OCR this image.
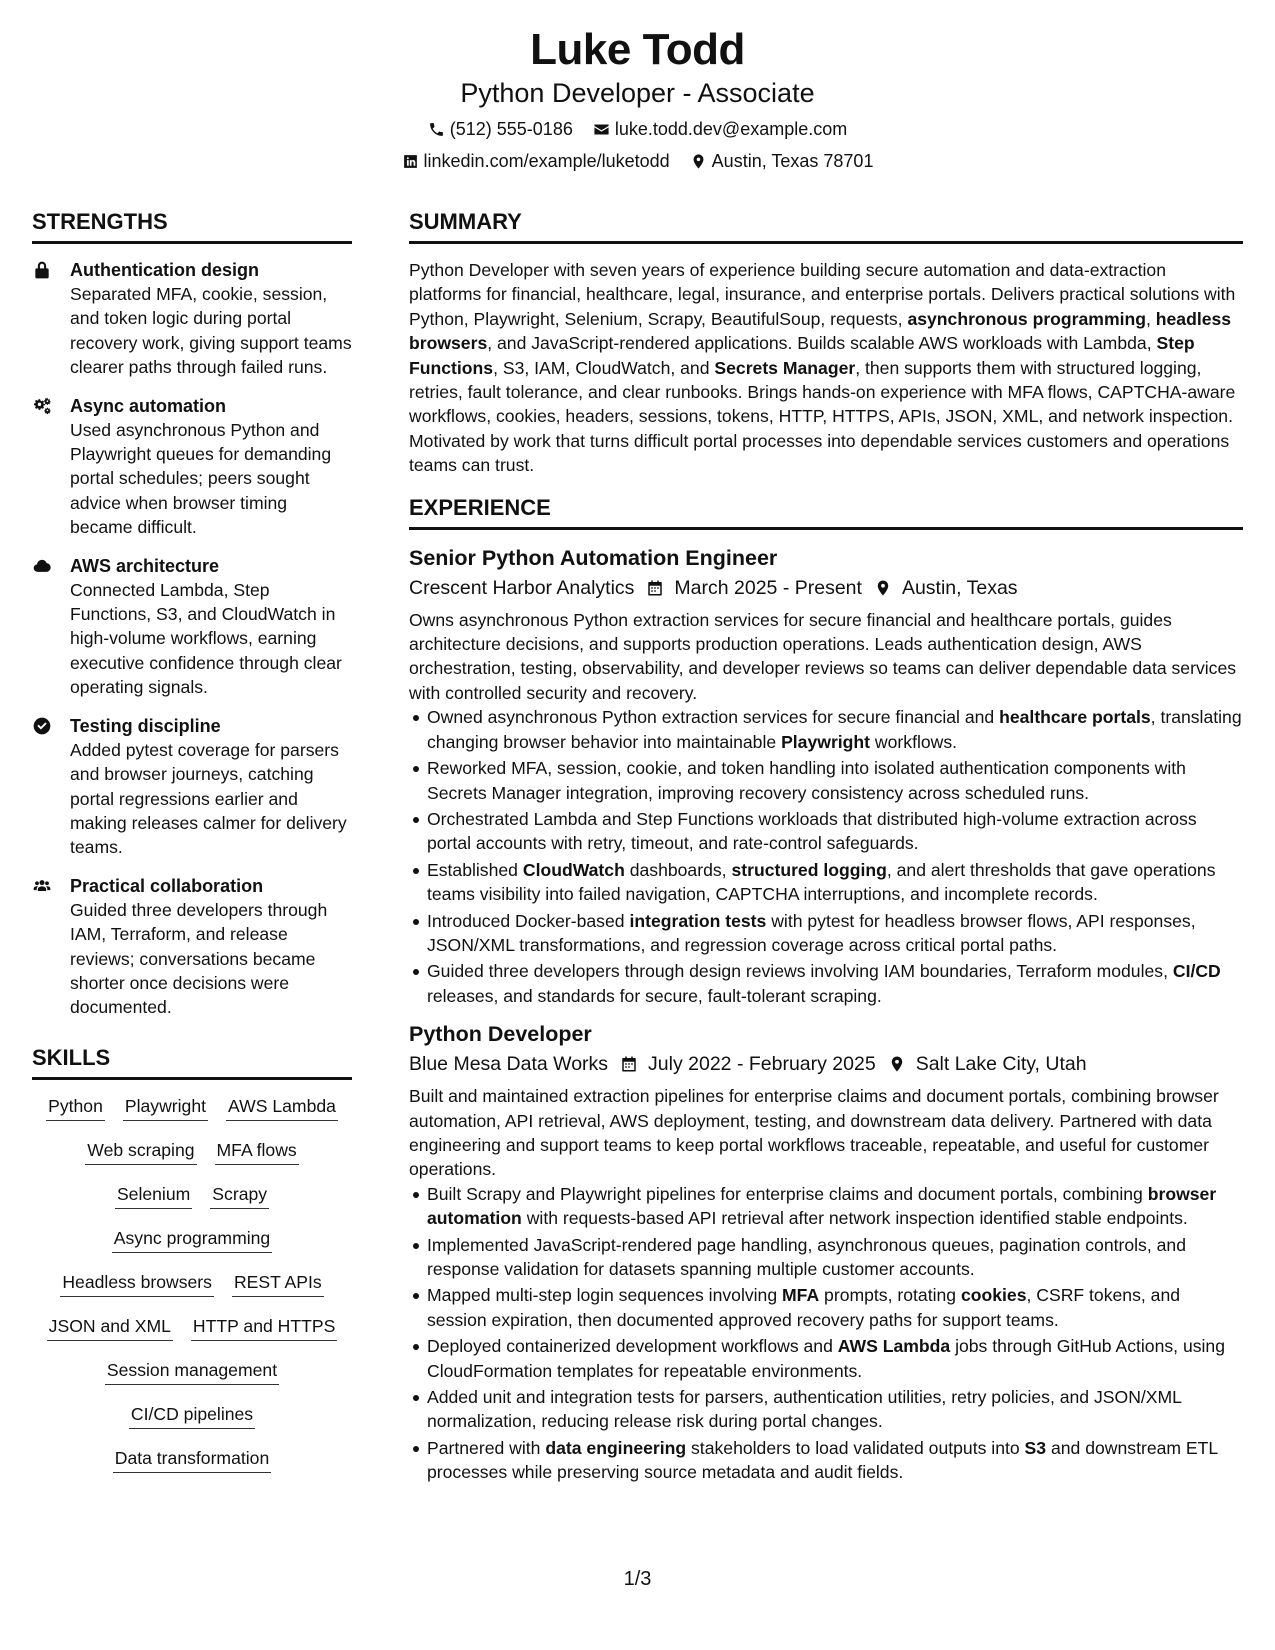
Luke Todd
Python Developer - Associate
(512) 555-0186 luke.todd.dev@example.com
linkedin.com/example/luketodd Austin, Texas 78701
STRENGTHS
Authentication design
Separated MFA, cookie, session, and token logic during portal recovery work, giving support teams clearer paths through failed runs.
Async automation
Used asynchronous Python and Playwright queues for demanding portal schedules; peers sought advice when browser timing became difficult.
AWS architecture
Connected Lambda, Step Functions, S3, and CloudWatch in high-volume workflows, earning executive confidence through clear operating signals.
Testing discipline
Added pytest coverage for parsers and browser journeys, catching portal regressions earlier and making releases calmer for delivery teams.
Practical collaboration
Guided three developers through IAM, Terraform, and release reviews; conversations became shorter once decisions were documented.
SKILLS
Python Playwright AWS Lambda
Web scraping MFA flows
Selenium Scrapy
Async programming
Headless browsers REST APIs
JSON and XML HTTP and HTTPS
Session management
CI/CD pipelines
Data transformation
SUMMARY
Python Developer with seven years of experience building secure automation and data-extraction platforms for financial, healthcare, legal, insurance, and enterprise portals. Delivers practical solutions with Python, Playwright, Selenium, Scrapy, BeautifulSoup, requests, asynchronous programming, headless browsers, and JavaScript-rendered applications. Builds scalable AWS workloads with Lambda, Step Functions, S3, IAM, CloudWatch, and Secrets Manager, then supports them with structured logging, retries, fault tolerance, and clear runbooks. Brings hands-on experience with MFA flows, CAPTCHA-aware workflows, cookies, headers, sessions, tokens, HTTP, HTTPS, APIs, JSON, XML, and network inspection. Motivated by work that turns difficult portal processes into dependable services customers and operations teams can trust.
EXPERIENCE
Senior Python Automation Engineer
Crescent Harbor Analytics March 2025 - Present Austin, Texas
Owns asynchronous Python extraction services for secure financial and healthcare portals, guides architecture decisions, and supports production operations. Leads authentication design, AWS orchestration, testing, observability, and developer reviews so teams can deliver dependable data services with controlled security and recovery.
Owned asynchronous Python extraction services for secure financial and healthcare portals, translating changing browser behavior into maintainable Playwright workflows.
Reworked MFA, session, cookie, and token handling into isolated authentication components with Secrets Manager integration, improving recovery consistency across scheduled runs.
Orchestrated Lambda and Step Functions workloads that distributed high-volume extraction across portal accounts with retry, timeout, and rate-control safeguards.
Established CloudWatch dashboards, structured logging, and alert thresholds that gave operations teams visibility into failed navigation, CAPTCHA interruptions, and incomplete records.
Introduced Docker-based integration tests with pytest for headless browser flows, API responses, JSON/XML transformations, and regression coverage across critical portal paths.
Guided three developers through design reviews involving IAM boundaries, Terraform modules, CI/CD releases, and standards for secure, fault-tolerant scraping.
Python Developer
Blue Mesa Data Works July 2022 - February 2025 Salt Lake City, Utah
Built and maintained extraction pipelines for enterprise claims and document portals, combining browser automation, API retrieval, AWS deployment, testing, and downstream data delivery. Partnered with data engineering and support teams to keep portal workflows traceable, repeatable, and useful for customer operations.
Built Scrapy and Playwright pipelines for enterprise claims and document portals, combining browser automation with requests-based API retrieval after network inspection identified stable endpoints.
Implemented JavaScript-rendered page handling, asynchronous queues, pagination controls, and response validation for datasets spanning multiple customer accounts.
Mapped multi-step login sequences involving MFA prompts, rotating cookies, CSRF tokens, and session expiration, then documented approved recovery paths for support teams.
Deployed containerized development workflows and AWS Lambda jobs through GitHub Actions, using CloudFormation templates for repeatable environments.
Added unit and integration tests for parsers, authentication utilities, retry policies, and JSON/XML normalization, reducing release risk during portal changes.
Partnered with data engineering stakeholders to load validated outputs into S3 and downstream ETL processes while preserving source metadata and audit fields.
1/3
